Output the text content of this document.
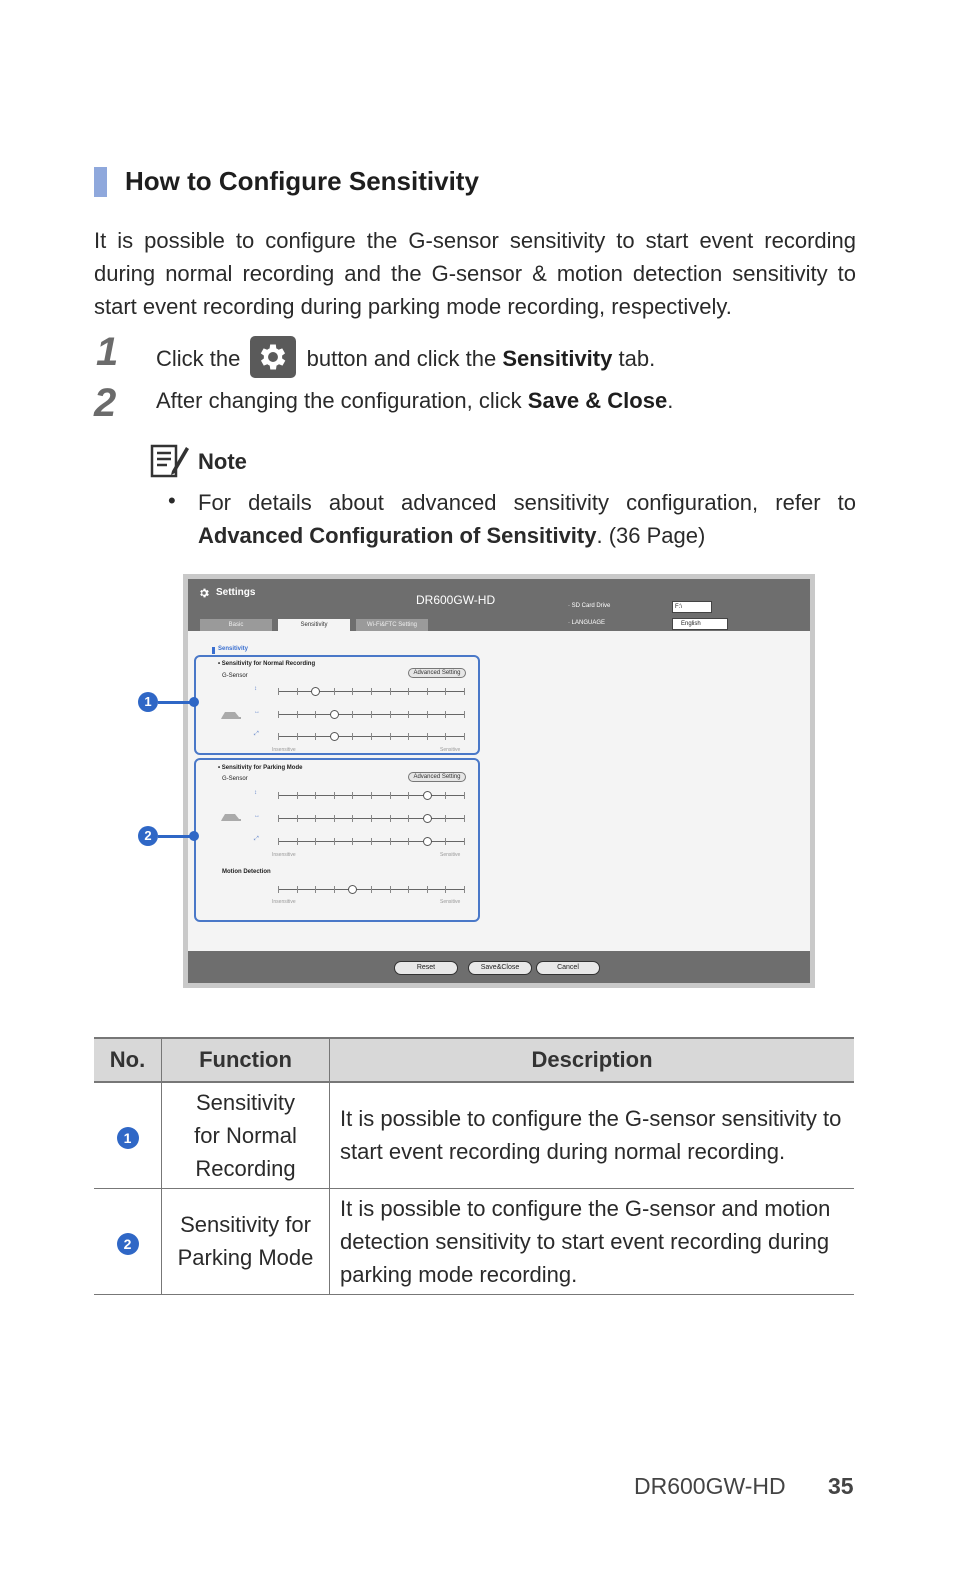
How to Configure Sensitivity
It is possible to configure the G-sensor sensitivity to start event recording during normal recording and the G-sensor & motion detection sensitivity to start event recording during parking mode recording, respectively.
1 Click the	button and click the Sensitivity tab.
2 After changing the configuration, click Save & Close.
Note
• For details about advanced sensitivity configuration, refer to Advanced Configuration of Sensitivity. (36 Page)
Settings
DR600GW-HD	· SD Card Drive
· LANGUAGE
F:\
English
Basic	Sensitivity	Wi-Fi&FTC Setting
Sensitivity
• Sensitivity for Normal Recording
G-Sensor	Advanced Setting
Insensitive	Sensitive
• Sensitivity for Parking Mode
G-Sensor	Advanced Setting
Insensitive	Sensitive
Motion Detection
Insensitive	Sensitive
↕
↔
⤢
↕
↔
⤢
Reset	Save&Close	Cancel
1
2
No.	Function	Description
1	Sensitivity
for Normal
Recording	It is possible to configure the G-sensor sensitivity to start event recording during normal recording.
2	Sensitivity for
Parking Mode	It is possible to configure the G-sensor and motion detection sensitivity to start event recording during parking mode recording.
DR600GW-HD 35
